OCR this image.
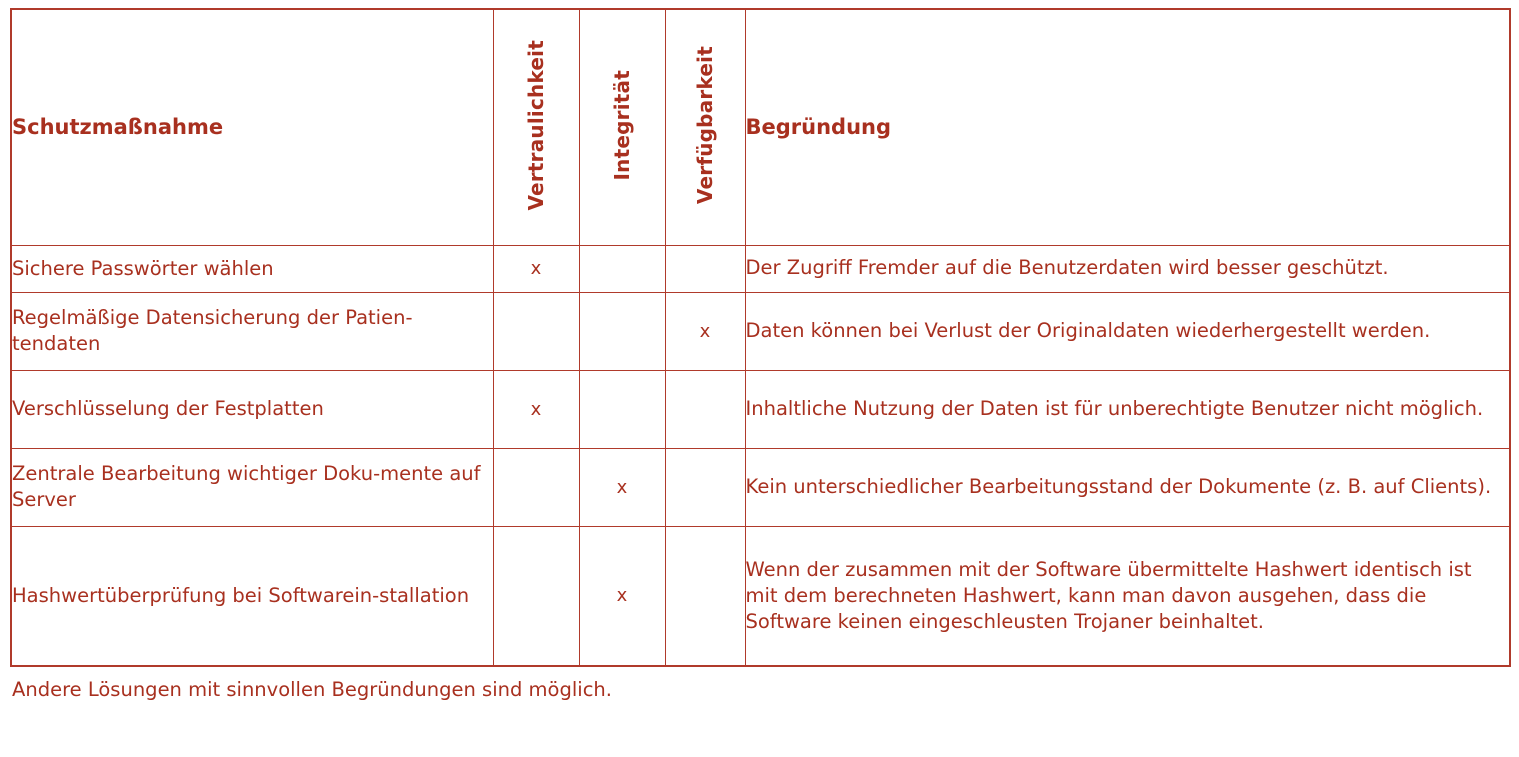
Schutzmaßnahme	Vertraulichkeit	Integrität	Verfügbarkeit	Begründung
Sichere Passwörter wählen	x			Der Zugriff Fremder auf die Benutzerdaten wird besser geschützt.
Regelmäßige Datensicherung der Patien-tendaten			x	Daten können bei Verlust der Originaldaten wiederhergestellt werden.
Verschlüsselung der Festplatten	x			Inhaltliche Nutzung der Daten ist für unberechtigte Benutzer nicht möglich.
Zentrale Bearbeitung wichtiger Doku-mente auf Server		x		Kein unterschiedlicher Bearbeitungsstand der Dokumente (z. B. auf Clients).
Hashwertüberprüfung bei Softwarein-stallation		x		Wenn der zusammen mit der Software übermittelte Hashwert identisch ist mit dem berechneten Hashwert, kann man davon ausgehen, dass die Software keinen eingeschleusten Trojaner beinhaltet.
Andere Lösungen mit sinnvollen Begründungen sind möglich.
